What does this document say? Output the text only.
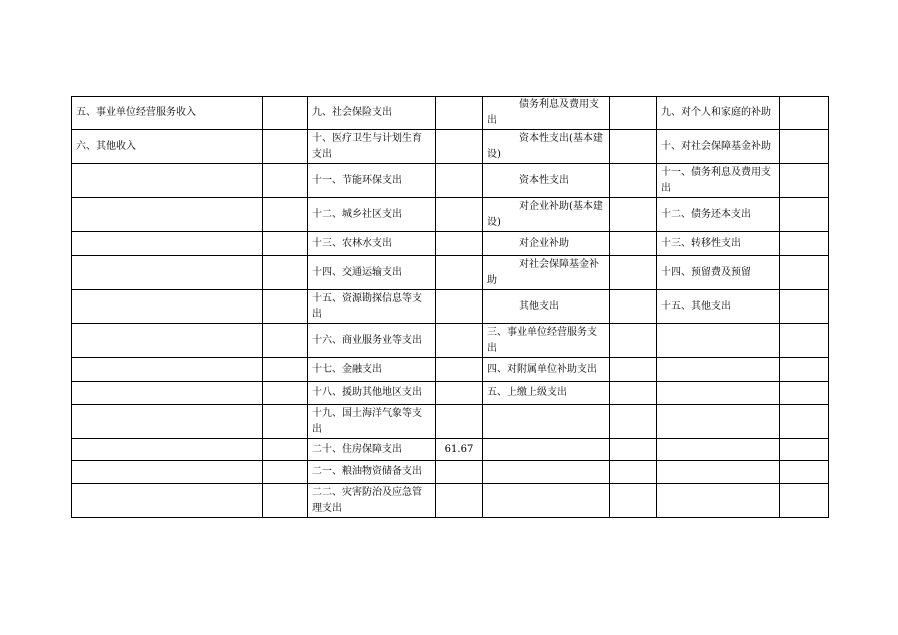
五、事业单位经营服务收入		九、社会保险支出		债务利息及费用支出		九、对个人和家庭的补助	
六、其他收入		十、医疗卫生与计划生育支出		资本性支出(基本建设)		十、对社会保障基金补助	
		十一、节能环保支出		资本性支出		十一、债务利息及费用支出	
		十二、城乡社区支出		对企业补助(基本建设)		十二、债务还本支出	
		十三、农林水支出		对企业补助		十三、转移性支出	
		十四、交通运输支出		对社会保障基金补助		十四、预留费及预留	
		十五、资源勘探信息等支出		其他支出		十五、其他支出	
		十六、商业服务业等支出		三、事业单位经营服务支出			
		十七、金融支出		四、对附属单位补助支出			
		十八、援助其他地区支出		五、上缴上级支出			
		十九、国土海洋气象等支出					
		二十、住房保障支出	61.67				
		二一、粮油物资储备支出					
		二二、灾害防治及应急管理支出					
